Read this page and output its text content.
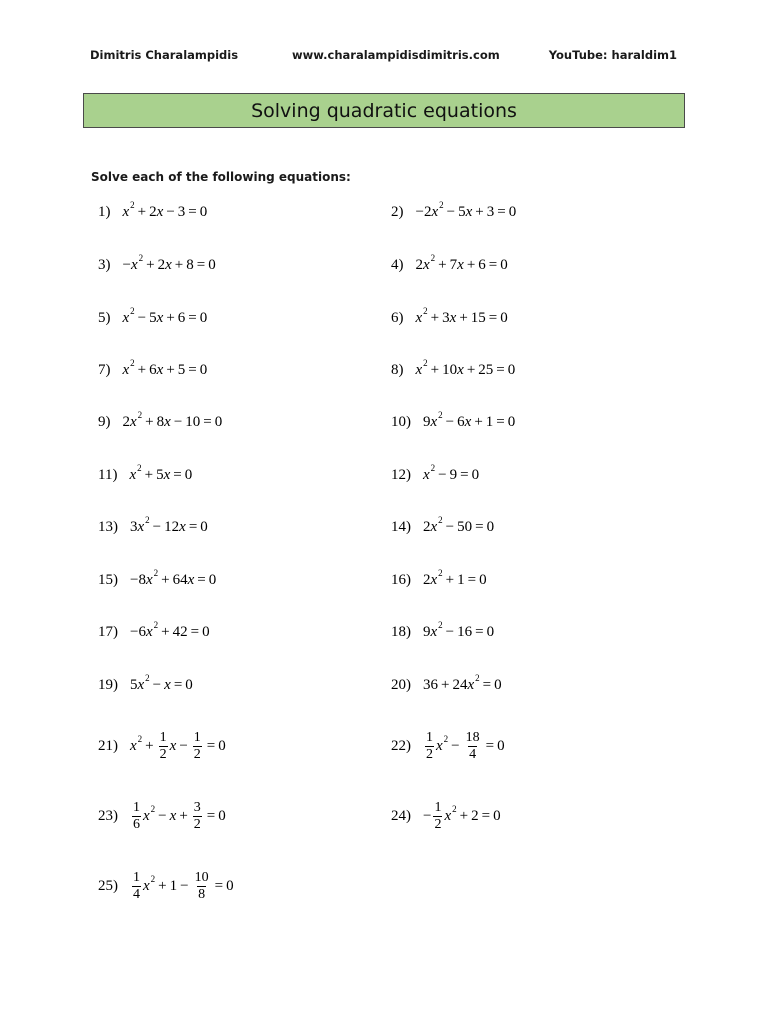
Dimitris Charalampidis	www.charalampidisdimitris.com	YouTube: haraldim1
Solving quadratic equations
Solve each of the following equations:
1) x 2 + 2 x − 3 = 0	2) −2 x 2 − 5 x + 3 = 0
3) − x 2 + 2 x + 8 = 0	4) 2 x 2 + 7 x + 6 = 0
5) x 2 − 5 x + 6 = 0	6) x 2 + 3 x + 15 = 0
7) x 2 + 6 x + 5 = 0	8) x 2 + 10 x + 25 = 0
9) 2 x 2 + 8 x − 10 = 0	10) 9 x 2 − 6 x + 1 = 0
11) x 2 + 5 x = 0	12) x 2 − 9 = 0
13) 3 x 2 − 12 x = 0	14) 2 x 2 − 50 = 0
15) −8 x 2 + 64 x = 0	16) 2 x 2 + 1 = 0
17) −6 x 2 + 42 = 0	18) 9 x 2 − 16 = 0
19) 5 x 2 − x = 0	20) 36 + 24 x 2 = 0
21) x $2 + \frac{1}{2}$ $x - \frac{1}{2} = 0$	$22) \frac{1}{2}$ x $2 - \frac{18}{4} = 0$
$23) \frac{1}{6}$ x $2 - x + \frac{3}{2} = 0$	$24) - \frac{1}{2}$ x 2 + 2 = 0
$25) \frac{1}{4}$ x $2 + 1 - \frac{10}{8} = 0$
